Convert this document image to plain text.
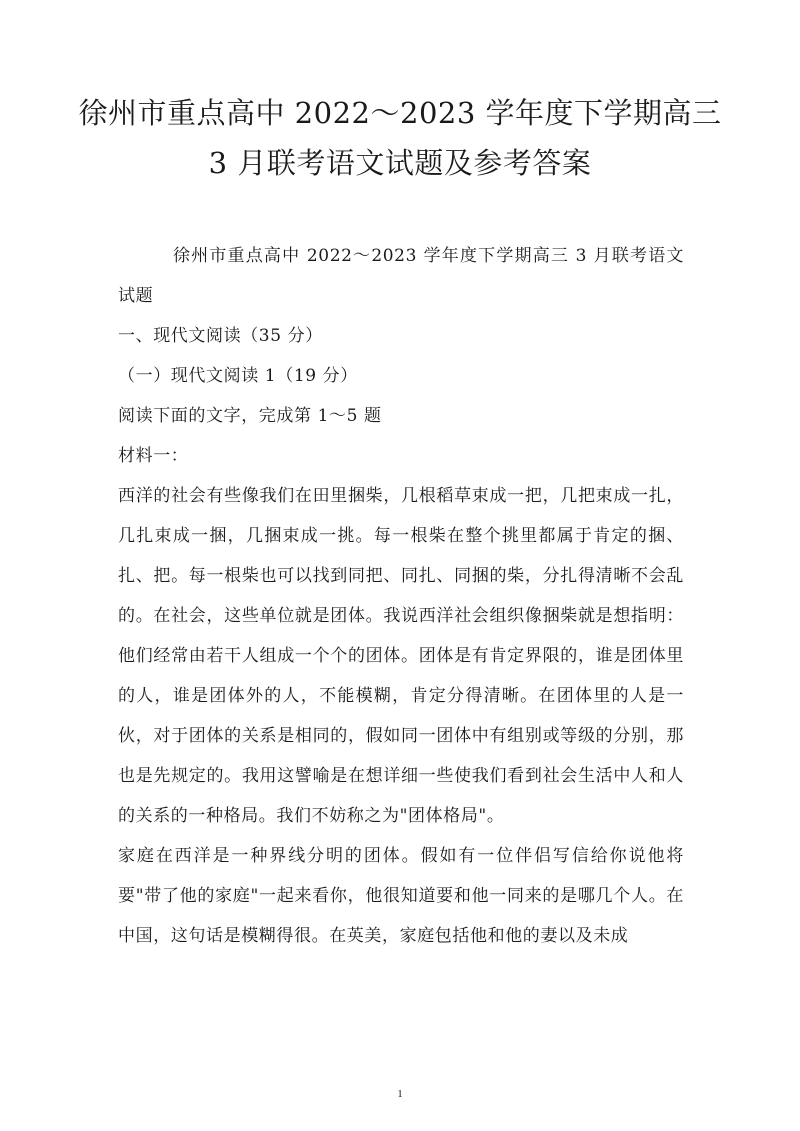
徐州市重点高中 2022～2023 学年度下学期高三
3 月联考语文试题及参考答案

徐州市重点高中 2022～2023 学年度下学期高三 3 月联考语文试题

一、现代文阅读（35 分）

（一）现代文阅读 1（19 分）

阅读下面的文字，完成第 1～5 题

材料一：

西洋的社会有些像我们在田里捆柴，几根稻草束成一把，几把束成一扎，几扎束成一捆，几捆束成一挑。每一根柴在整个挑里都属于肯定的捆、扎、把。每一根柴也可以找到同把、同扎、同捆的柴，分扎得清晰不会乱的。在社会，这些单位就是团体。我说西洋社会组织像捆柴就是想指明：他们经常由若干人组成一个个的团体。团体是有肯定界限的，谁是团体里的人，谁是团体外的人，不能模糊，肯定分得清晰。在团体里的人是一伙，对于团体的关系是相同的，假如同一团体中有组别或等级的分别，那也是先规定的。我用这譬喻是在想详细一些使我们看到社会生活中人和人的关系的一种格局。我们不妨称之为"团体格局"。

家庭在西洋是一种界线分明的团体。假如有一位伴侣写信给你说他将要"带了他的家庭"一起来看你，他很知道要和他一同来的是哪几个人。在中国，这句话是模糊得很。在英美，家庭包括他和他的妻以及未成

1
